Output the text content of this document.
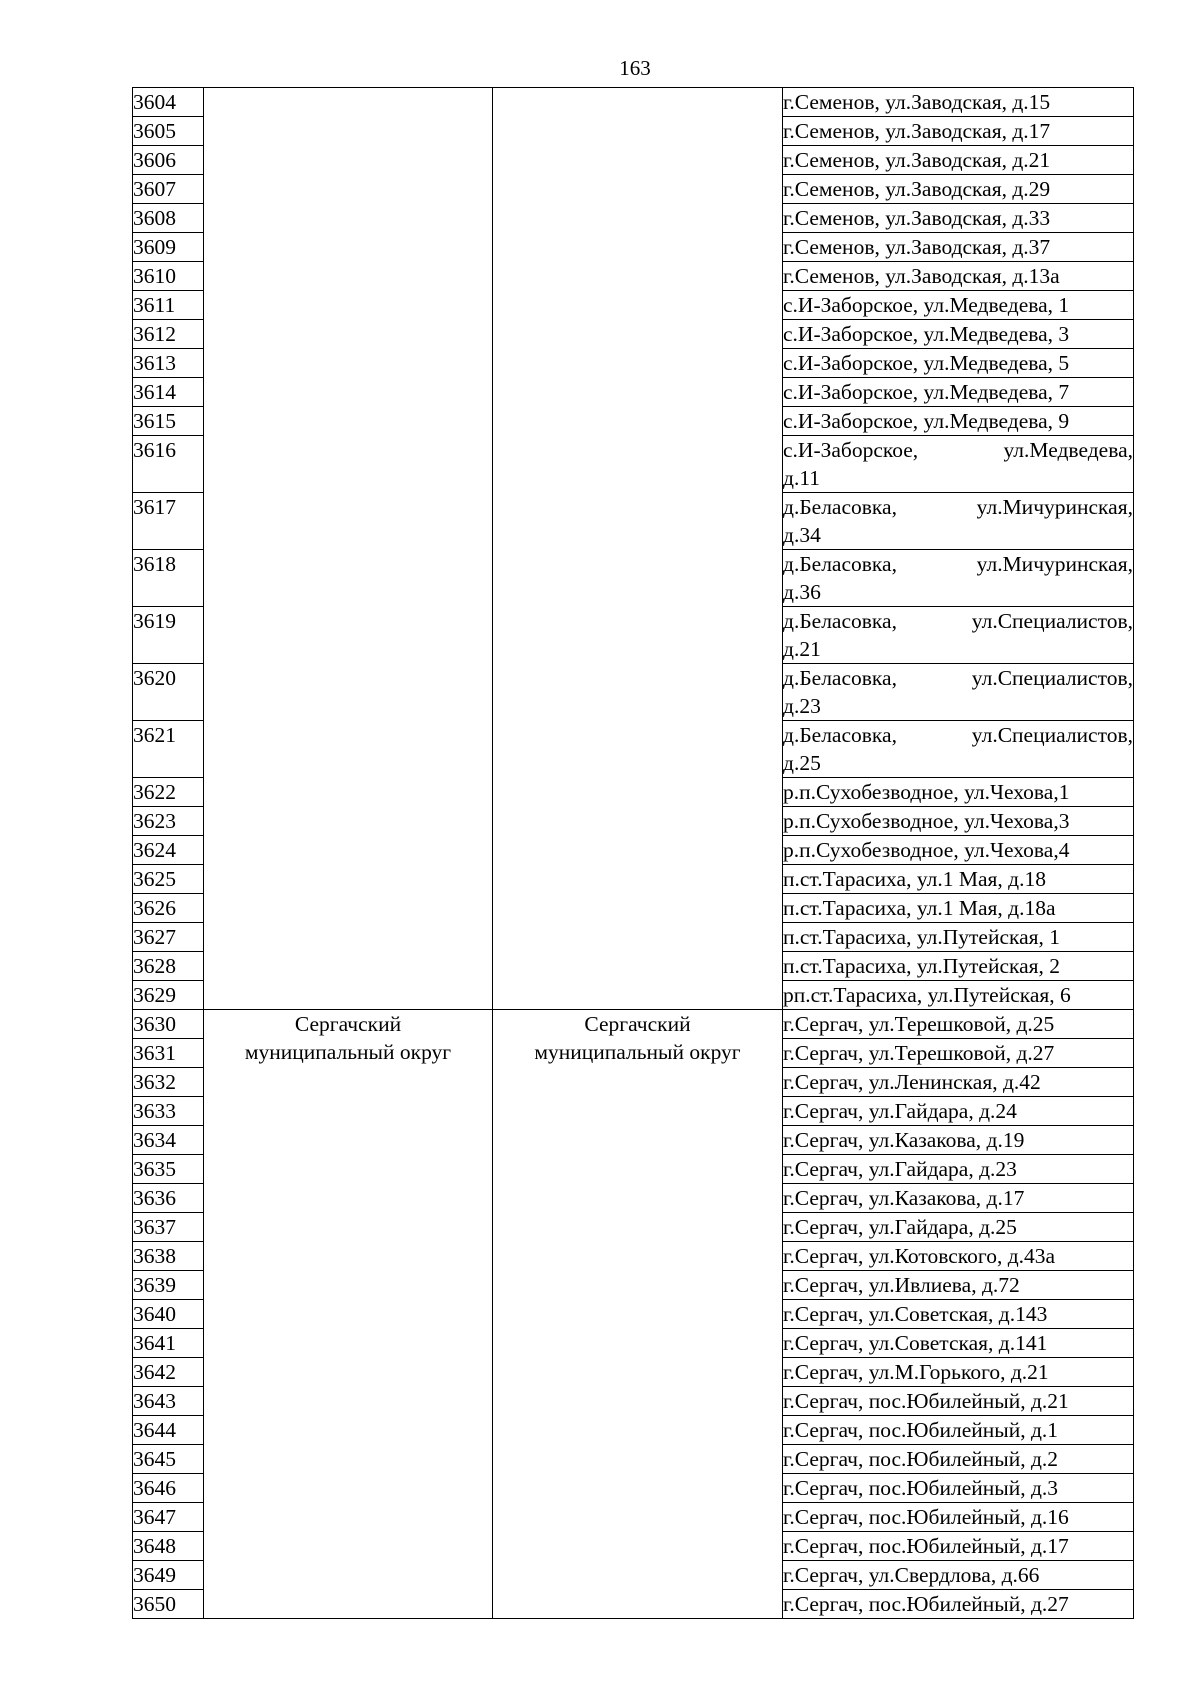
163
3604			г.Семенов, ул.Заводская, д.15
3605			г.Семенов, ул.Заводская, д.17
3606			г.Семенов, ул.Заводская, д.21
3607			г.Семенов, ул.Заводская, д.29
3608			г.Семенов, ул.Заводская, д.33
3609			г.Семенов, ул.Заводская, д.37
3610			г.Семенов, ул.Заводская, д.13а
3611			с.И-Заборское, ул.Медведева, 1
3612			с.И-Заборское, ул.Медведева, 3
3613			с.И-Заборское, ул.Медведева, 5
3614			с.И-Заборское, ул.Медведева, 7
3615			с.И-Заборское, ул.Медведева, 9
3616			с.И-Заборское, ул.Медведева,
д.11

3617			д.Беласовка, ул.Мичуринская,
д.34

3618			д.Беласовка, ул.Мичуринская,
д.36

3619			д.Беласовка, ул.Специалистов,
д.21

3620			д.Беласовка, ул.Специалистов,
д.23

3621			д.Беласовка, ул.Специалистов,
д.25

3622			р.п.Сухобезводное, ул.Чехова,1
3623			р.п.Сухобезводное, ул.Чехова,3
3624			р.п.Сухобезводное, ул.Чехова,4
3625			п.ст.Тарасиха, ул.1 Мая, д.18
3626			п.ст.Тарасиха, ул.1 Мая, д.18а
3627			п.ст.Тарасиха, ул.Путейская, 1
3628			п.ст.Тарасиха, ул.Путейская, 2
3629			рп.ст.Тарасиха, ул.Путейская, 6
3630	Сергачский муниципальный округ	Сергачский муниципальный округ	г.Сергач, ул.Терешковой, д.25
3631			г.Сергач, ул.Терешковой, д.27
3632			г.Сергач, ул.Ленинская, д.42
3633			г.Сергач, ул.Гайдара, д.24
3634			г.Сергач, ул.Казакова, д.19
3635			г.Сергач, ул.Гайдара, д.23
3636			г.Сергач, ул.Казакова, д.17
3637			г.Сергач, ул.Гайдара, д.25
3638			г.Сергач, ул.Котовского, д.43а
3639			г.Сергач, ул.Ивлиева, д.72
3640			г.Сергач, ул.Советская, д.143
3641			г.Сергач, ул.Советская, д.141
3642			г.Сергач, ул.М.Горького, д.21
3643			г.Сергач, пос.Юбилейный, д.21
3644			г.Сергач, пос.Юбилейный, д.1
3645			г.Сергач, пос.Юбилейный, д.2
3646			г.Сергач, пос.Юбилейный, д.3
3647			г.Сергач, пос.Юбилейный, д.16
3648			г.Сергач, пос.Юбилейный, д.17
3649			г.Сергач, ул.Свердлова, д.66
3650			г.Сергач, пос.Юбилейный, д.27
